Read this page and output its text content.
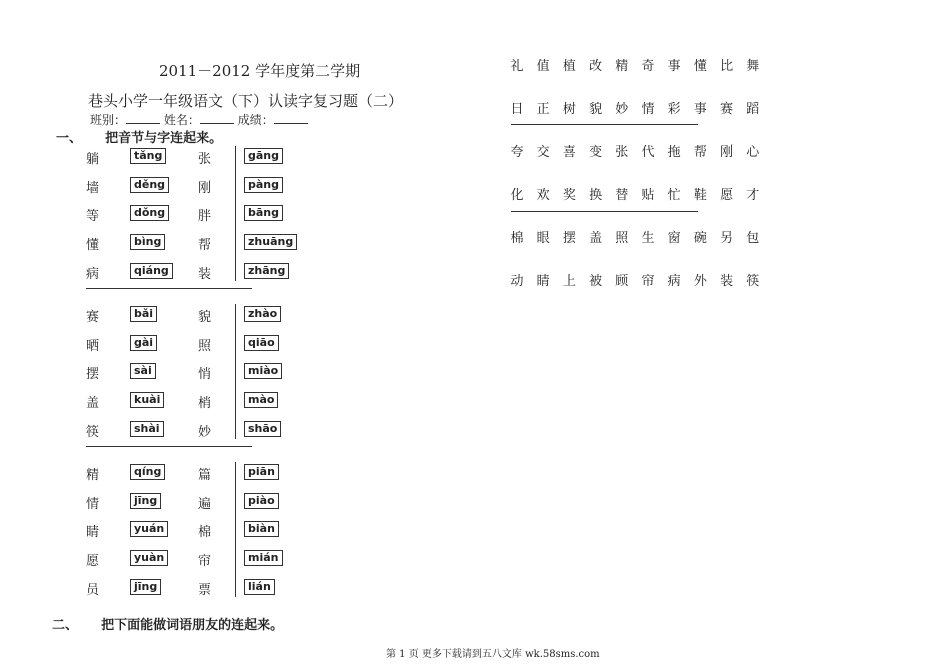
2011－2012 学年度第二学期
巷头小学一年级语文（下）认读字复习题（二）
班别：	姓名：	成绩：
一、 把音节与字连起来。
躺
墙
等
懂
病
tǎng
děng
dǒng
bìng
qiáng
张
刚
胖
帮
装
gāng
pàng
bāng
zhuāng
zhāng
赛
晒
摆
盖
筷
bǎi
gài
sài
kuài
shài
貌
照
悄
梢
妙
zhào
qiāo
miào
mào
shāo
精
情
睛
愿
员
qíng
jīng
yuán
yuàn
jīng
篇
遍
棉
帘
票
piān
piào
biàn
mián
lián
二、 把下面能做词语朋友的连起来。
礼 值 植 改 精 奇 事 懂 比 舞
日 正 树 貌 妙 情 彩 事 赛 蹈
夸 交 喜 变 张 代 拖 帮 刚 心
化 欢 奖 换 替 贴 忙 鞋 愿 才
棉 眼 摆 盖 照 生 窗 碗 另 包
动 睛 上 被 顾 帘 病 外 装 筷
第 1 页 更多下载请到五八文库 wk.58sms.com
